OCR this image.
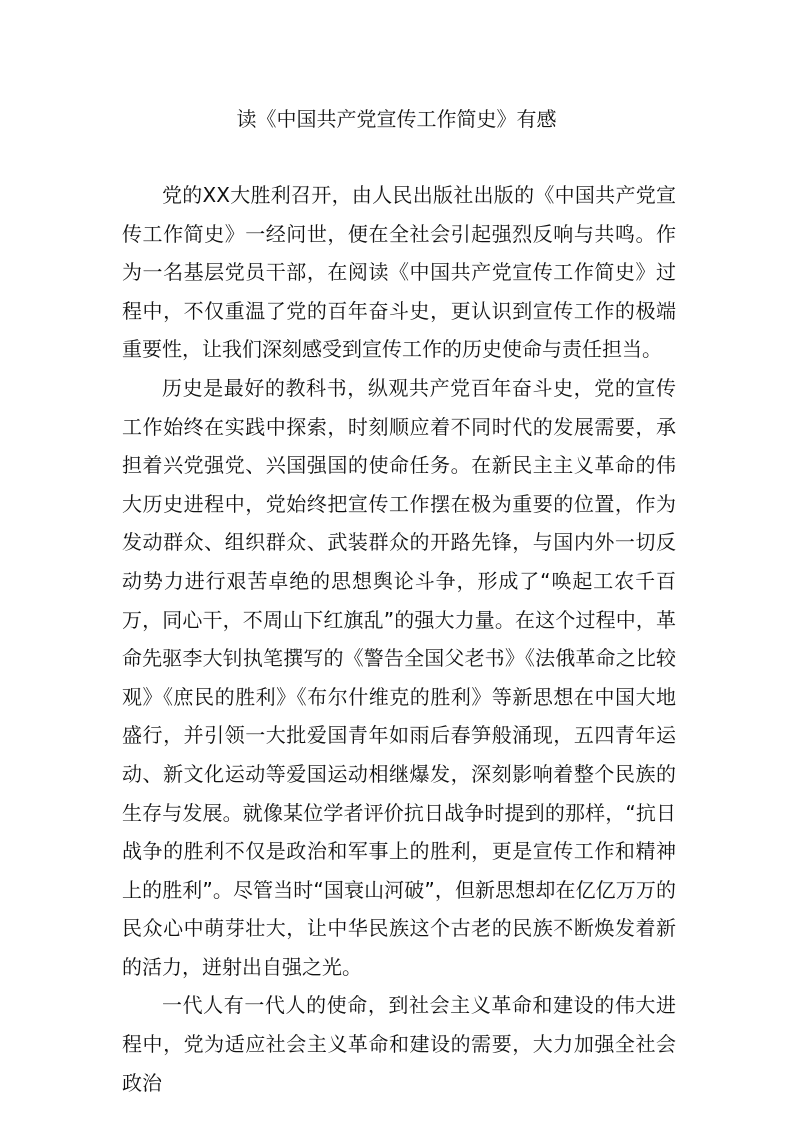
读《中国共产党宣传工作简史》有感

党的XX大胜利召开，由人民出版社出版的《中国共产党宣传工作简史》一经问世，便在全社会引起强烈反响与共鸣。作为一名基层党员干部，在阅读《中国共产党宣传工作简史》过程中，不仅重温了党的百年奋斗史，更认识到宣传工作的极端重要性，让我们深刻感受到宣传工作的历史使命与责任担当。

历史是最好的教科书，纵观共产党百年奋斗史，党的宣传工作始终在实践中探索，时刻顺应着不同时代的发展需要，承担着兴党强党、兴国强国的使命任务。在新民主主义革命的伟大历史进程中，党始终把宣传工作摆在极为重要的位置，作为发动群众、组织群众、武装群众的开路先锋，与国内外一切反动势力进行艰苦卓绝的思想舆论斗争，形成了“唤起工农千百万，同心干，不周山下红旗乱”的强大力量。在这个过程中，革命先驱李大钊执笔撰写的《警告全国父老书》《法俄革命之比较观》《庶民的胜利》《布尔什维克的胜利》等新思想在中国大地盛行，并引领一大批爱国青年如雨后春笋般涌现，五四青年运动、新文化运动等爱国运动相继爆发，深刻影响着整个民族的生存与发展。就像某位学者评价抗日战争时提到的那样，“抗日战争的胜利不仅是政治和军事上的胜利，更是宣传工作和精神上的胜利”。尽管当时“国衰山河破”，但新思想却在亿亿万万的民众心中萌芽壮大，让中华民族这个古老的民族不断焕发着新的活力，迸射出自强之光。

一代人有一代人的使命，到社会主义革命和建设的伟大进程中，党为适应社会主义革命和建设的需要，大力加强全社会政治
